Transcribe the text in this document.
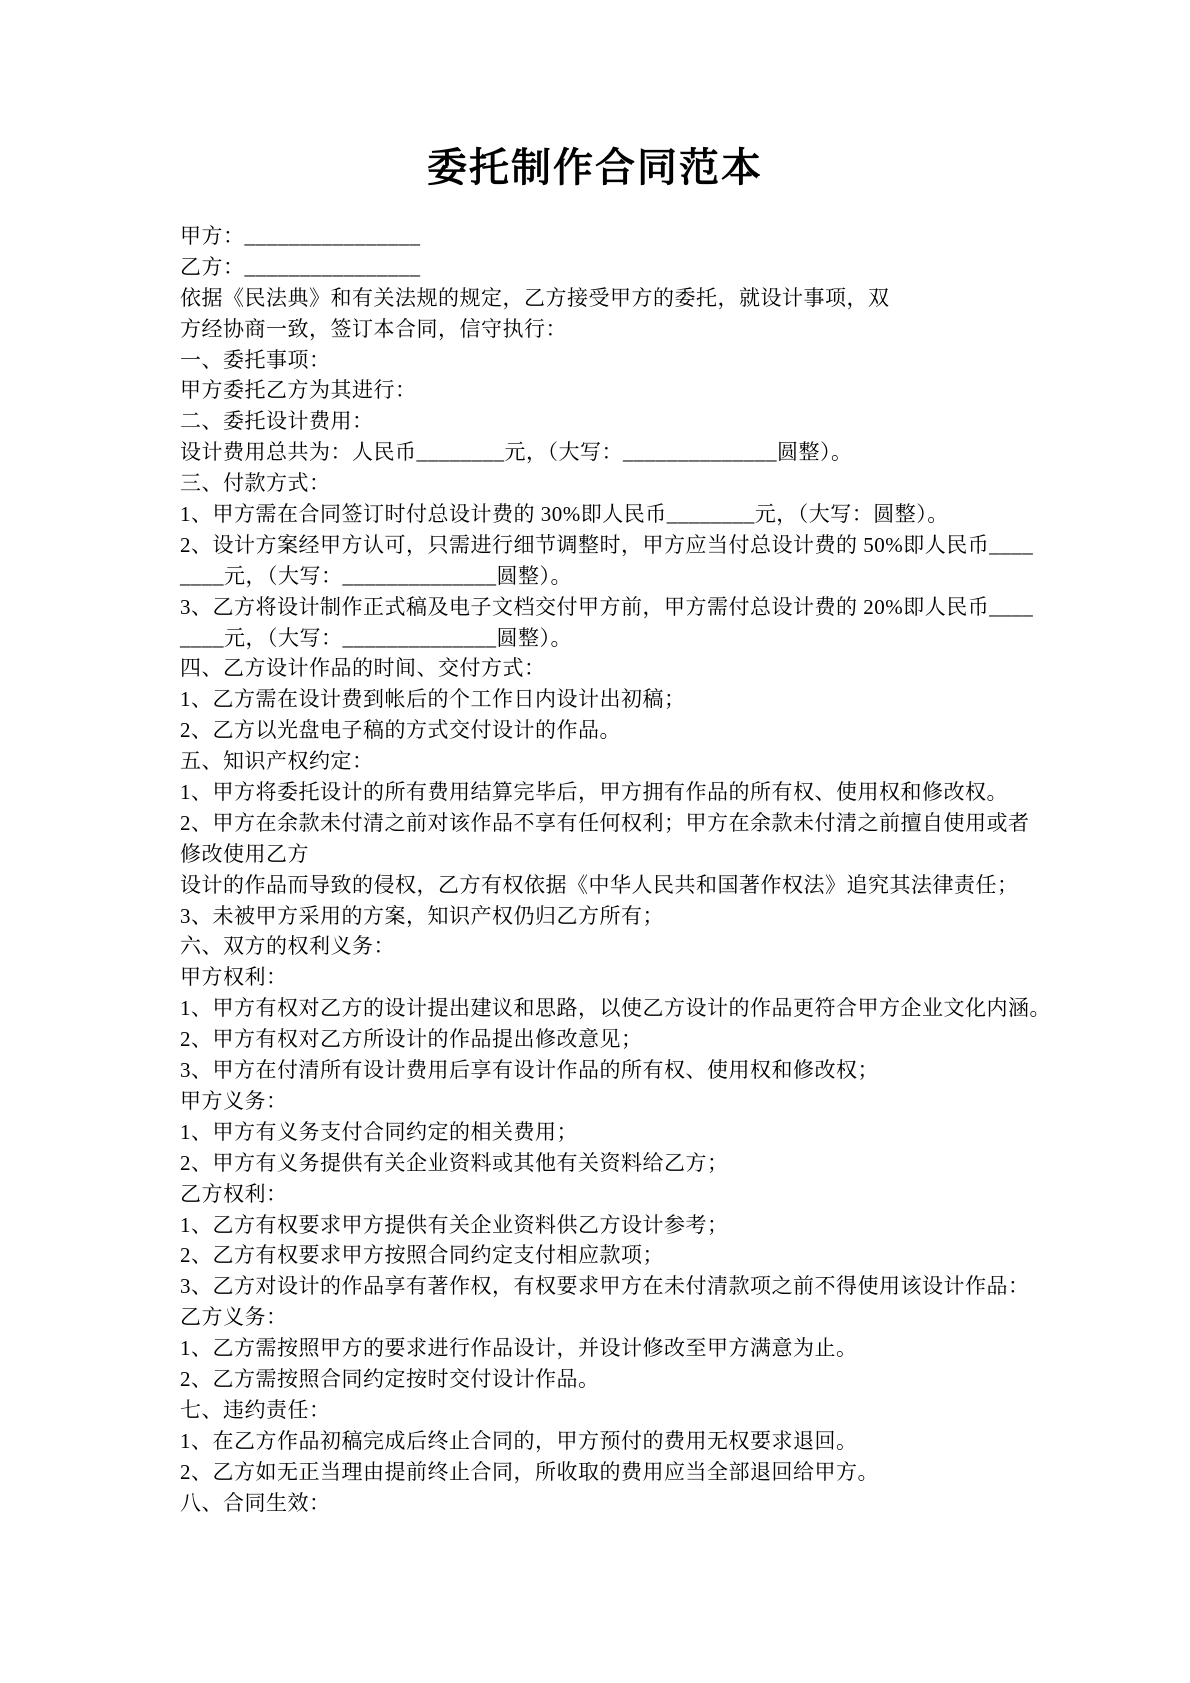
委托制作合同范本
甲方：________________
乙方：________________
依据《民法典》和有关法规的规定，乙方接受甲方的委托，就设计事项，双
方经协商一致，签订本合同，信守执行：
一、委托事项：
甲方委托乙方为其进行：
二、委托设计费用：
设计费用总共为：人民币________元，（大写：______________圆整）。
三、付款方式：
1、甲方需在合同签订时付总设计费的 30%即人民币________元，（大写：圆整）。
2、设计方案经甲方认可，只需进行细节调整时，甲方应当付总设计费的 50%即人民币____
____元，（大写：______________圆整）。
3、乙方将设计制作正式稿及电子文档交付甲方前，甲方需付总设计费的 20%即人民币____
____元，（大写：______________圆整）。
四、乙方设计作品的时间、交付方式：
1、乙方需在设计费到帐后的个工作日内设计出初稿；
2、乙方以光盘电子稿的方式交付设计的作品。
五、知识产权约定：
1、甲方将委托设计的所有费用结算完毕后，甲方拥有作品的所有权、使用权和修改权。
2、甲方在余款未付清之前对该作品不享有任何权利；甲方在余款未付清之前擅自使用或者
修改使用乙方
设计的作品而导致的侵权，乙方有权依据《中华人民共和国著作权法》追究其法律责任；
3、未被甲方采用的方案，知识产权仍归乙方所有；
六、双方的权利义务：
甲方权利：
1、甲方有权对乙方的设计提出建议和思路，以使乙方设计的作品更符合甲方企业文化内涵。
2、甲方有权对乙方所设计的作品提出修改意见；
3、甲方在付清所有设计费用后享有设计作品的所有权、使用权和修改权；
甲方义务：
1、甲方有义务支付合同约定的相关费用；
2、甲方有义务提供有关企业资料或其他有关资料给乙方；
乙方权利：
1、乙方有权要求甲方提供有关企业资料供乙方设计参考；
2、乙方有权要求甲方按照合同约定支付相应款项；
3、乙方对设计的作品享有著作权，有权要求甲方在未付清款项之前不得使用该设计作品：
乙方义务：
1、乙方需按照甲方的要求进行作品设计，并设计修改至甲方满意为止。
2、乙方需按照合同约定按时交付设计作品。
七、违约责任：
1、在乙方作品初稿完成后终止合同的，甲方预付的费用无权要求退回。
2、乙方如无正当理由提前终止合同，所收取的费用应当全部退回给甲方。
八、合同生效：
